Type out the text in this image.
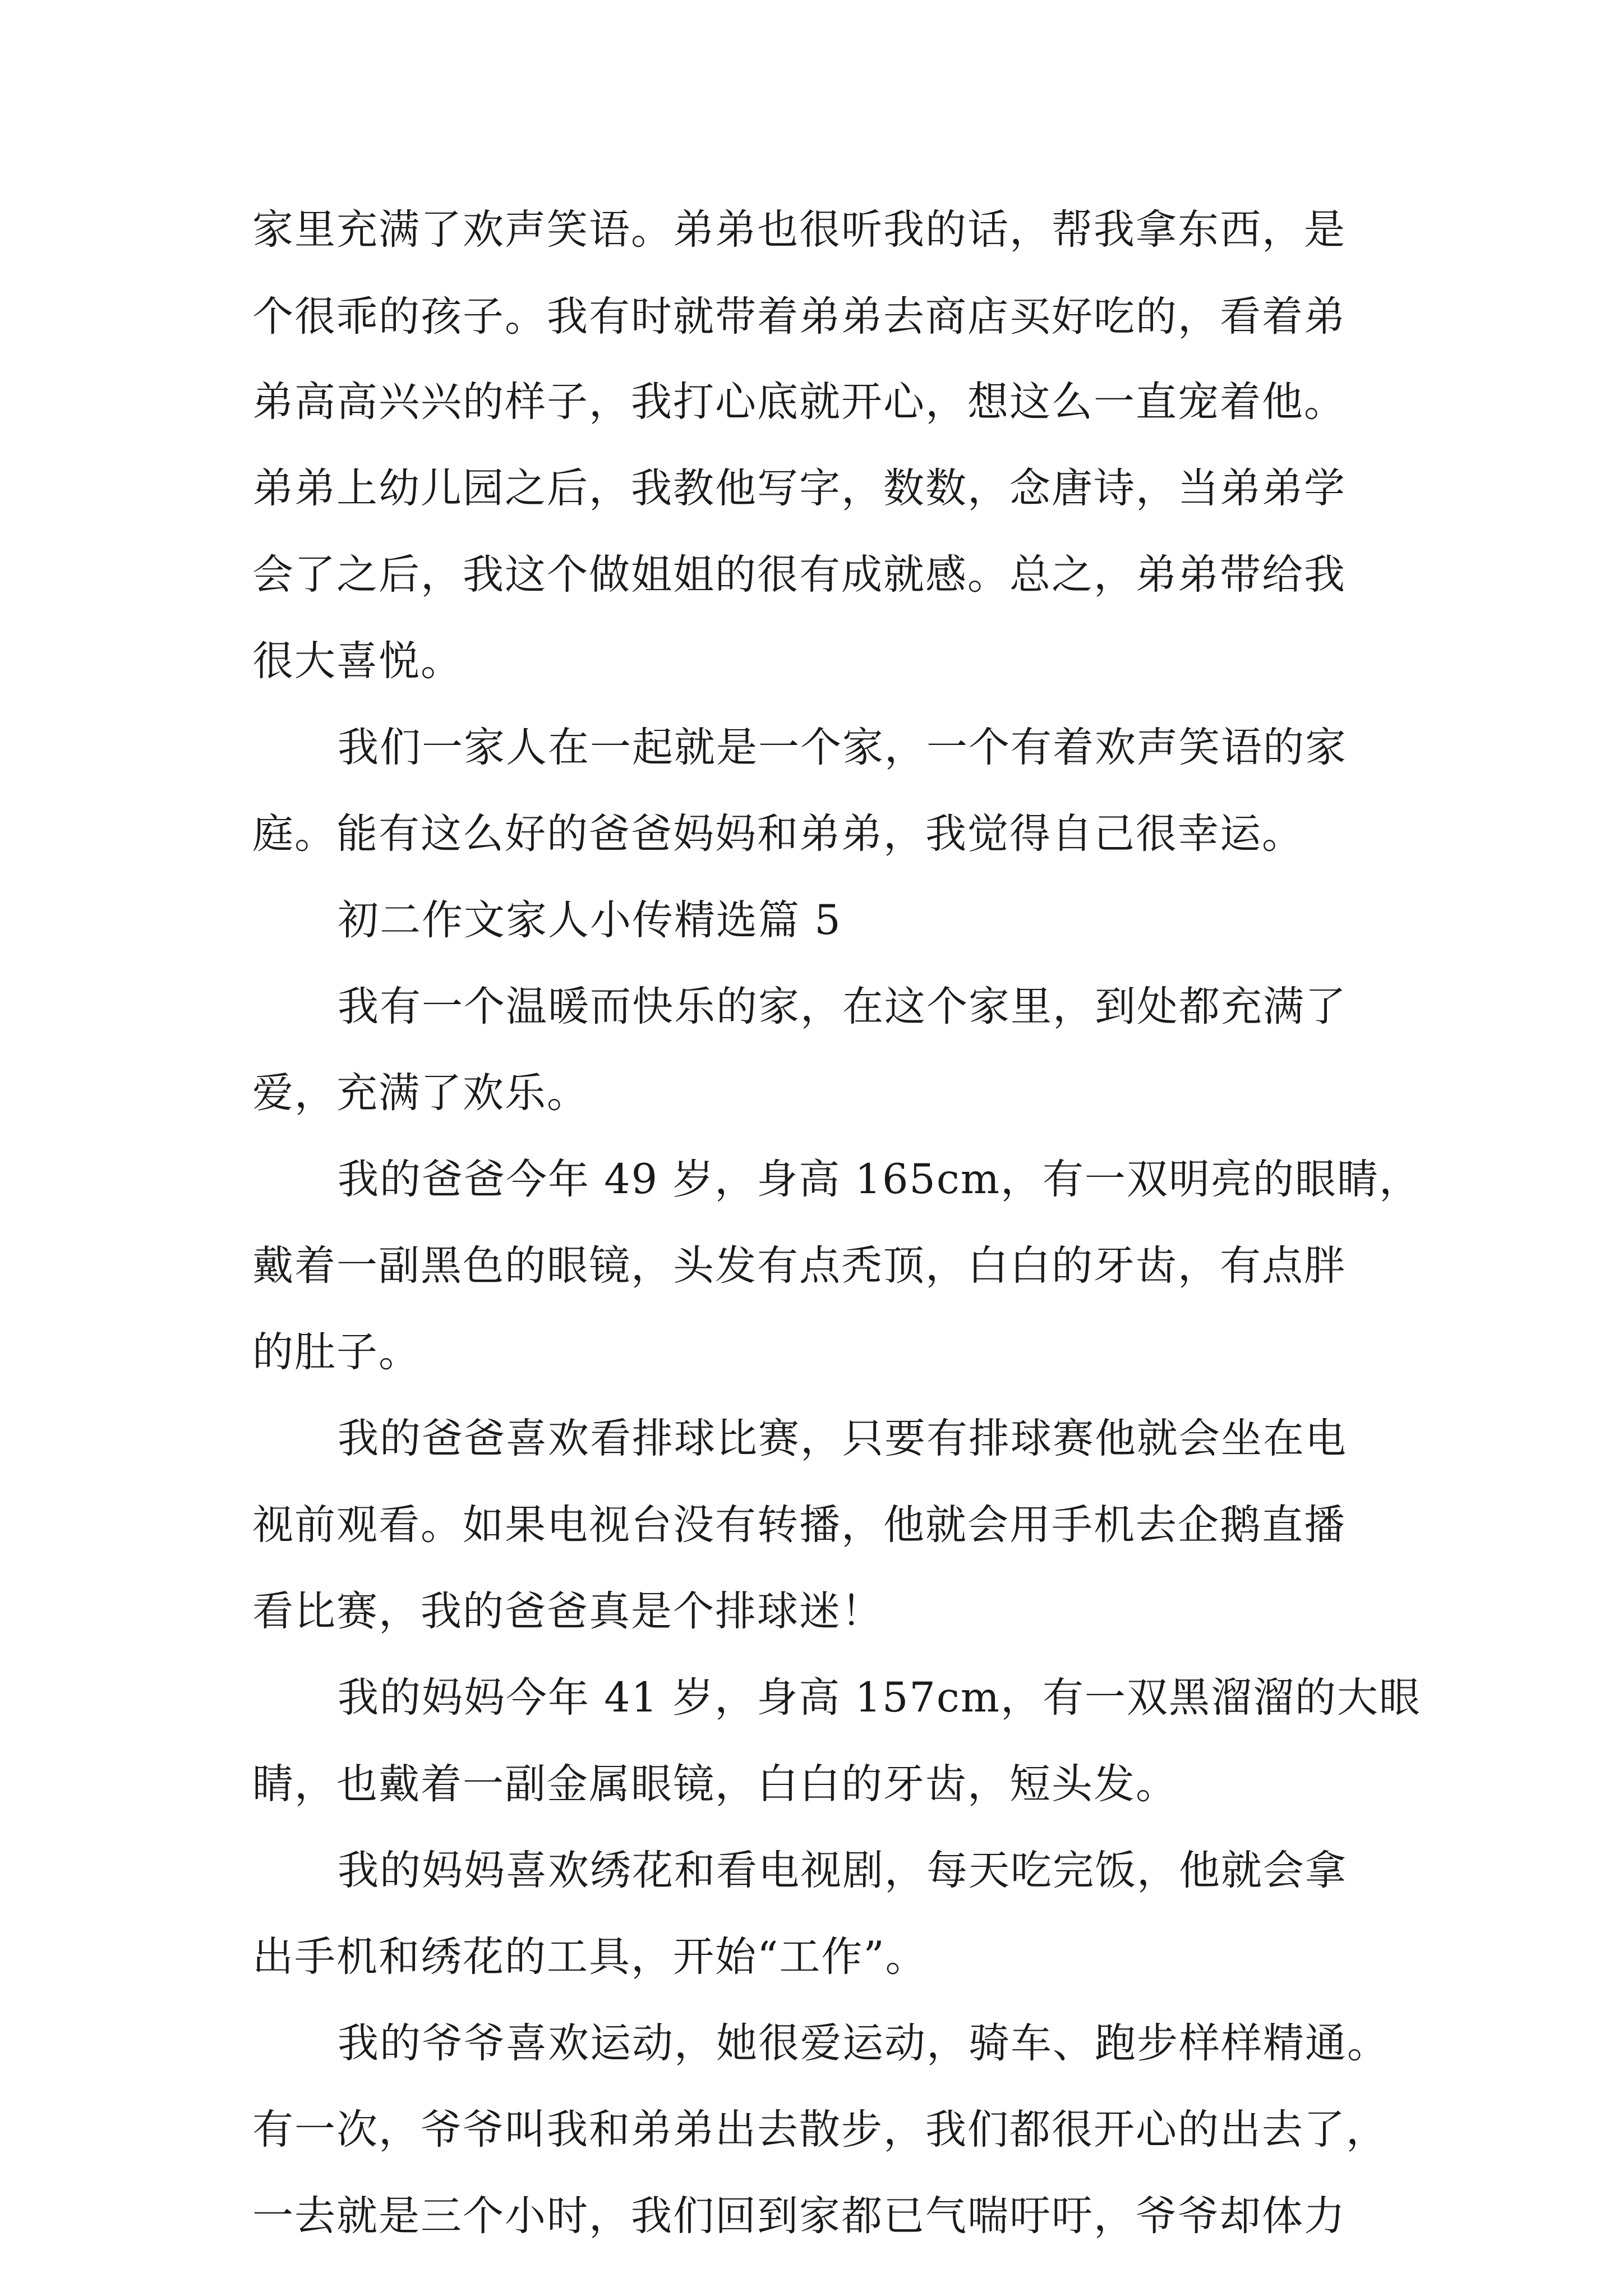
家里充满了欢声笑语。弟弟也很听我的话，帮我拿东西，是
个很乖的孩子。我有时就带着弟弟去商店买好吃的，看着弟
弟高高兴兴的样子，我打心底就开心，想这么一直宠着他。
弟弟上幼儿园之后，我教他写字，数数，念唐诗，当弟弟学
会了之后，我这个做姐姐的很有成就感。总之，弟弟带给我
很大喜悦。
我们一家人在一起就是一个家，一个有着欢声笑语的家
庭。能有这么好的爸爸妈妈和弟弟，我觉得自己很幸运。
初二作文家人小传精选篇 5
我有一个温暖而快乐的家，在这个家里，到处都充满了
爱，充满了欢乐。
我的爸爸今年 49 岁，身高 165cm，有一双明亮的眼睛，
戴着一副黑色的眼镜，头发有点秃顶，白白的牙齿，有点胖
的肚子。
我的爸爸喜欢看排球比赛，只要有排球赛他就会坐在电
视前观看。如果电视台没有转播，他就会用手机去企鹅直播
看比赛，我的爸爸真是个排球迷！
我的妈妈今年 41 岁，身高 157cm，有一双黑溜溜的大眼
睛，也戴着一副金属眼镜，白白的牙齿，短头发。
我的妈妈喜欢绣花和看电视剧，每天吃完饭，他就会拿
出手机和绣花的工具，开始“工作”。
我的爷爷喜欢运动，她很爱运动，骑车、跑步样样精通。
有一次，爷爷叫我和弟弟出去散步，我们都很开心的出去了，
一去就是三个小时，我们回到家都已气喘吁吁，爷爷却体力
